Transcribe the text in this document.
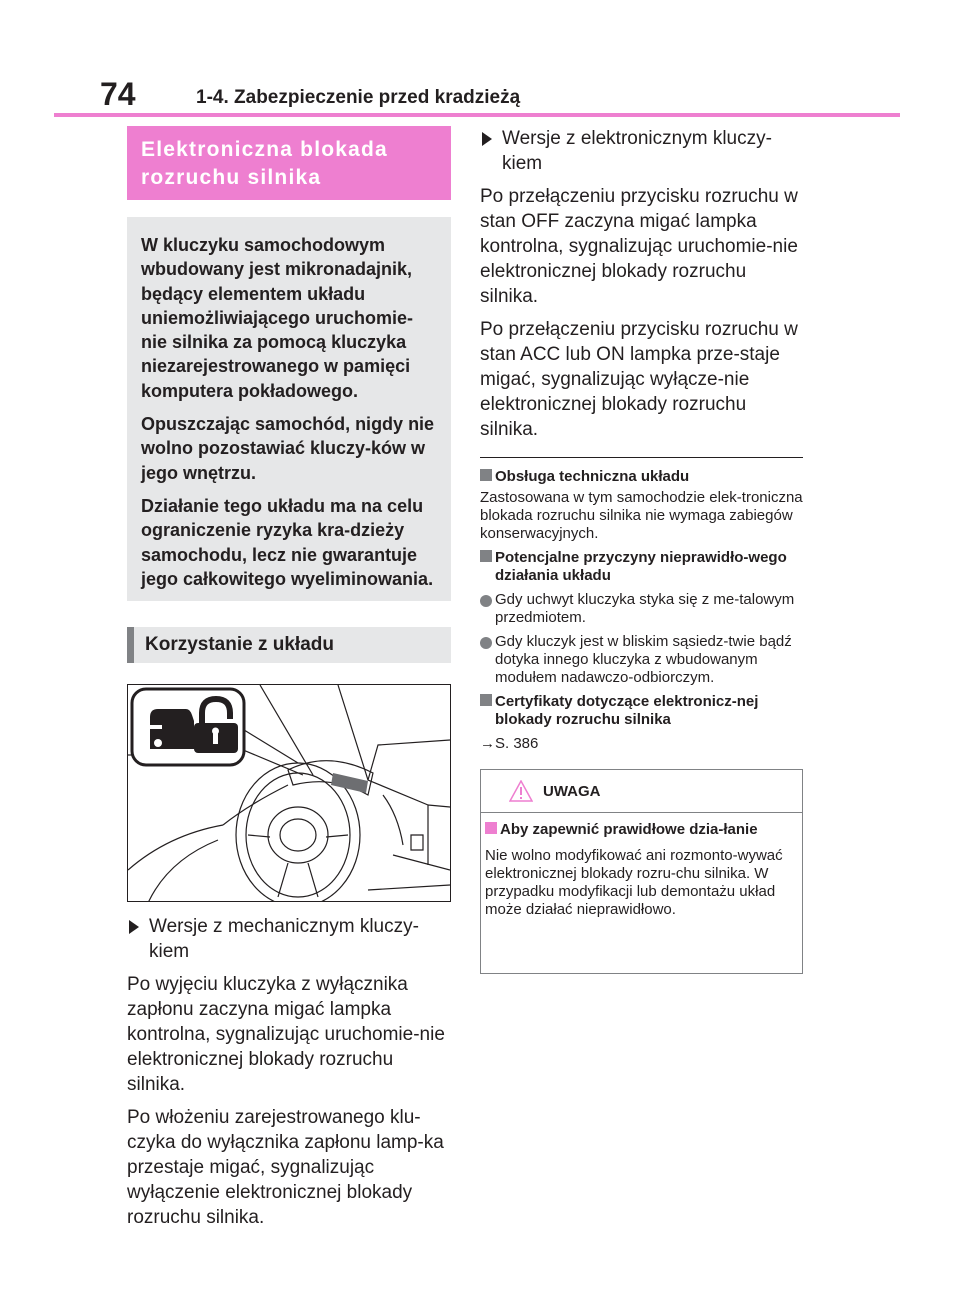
74	1-4. Zabezpieczenie przed kradzieżą
Elektroniczna blokada rozruchu silnika

W kluczyku samochodowym wbudowany jest mikronadajnik, będący elementem układu uniemożliwiającego uruchomie-nie silnika za pomocą kluczyka niezarejestrowanego w pamięci komputera pokładowego.

Opuszczając samochód, nigdy nie wolno pozostawiać kluczy-ków w jego wnętrzu.

Działanie tego układu ma na celu ograniczenie ryzyka kra-dzieży samochodu, lecz nie gwarantuje jego całkowitego wyeliminowania.

Korzystanie z układu
Wersje z mechanicznym kluczy-kiem
Po wyjęciu kluczyka z wyłącznika zapłonu zaczyna migać lampka kontrolna, sygnalizując uruchomie-nie elektronicznej blokady rozruchu silnika.
Po włożeniu zarejestrowanego klu-czyka do wyłącznika zapłonu lamp-ka przestaje migać, sygnalizując wyłączenie elektronicznej blokady rozruchu silnika.
Wersje z elektronicznym kluczy-kiem
Po przełączeniu przycisku rozruchu w stan OFF zaczyna migać lampka kontrolna, sygnalizując uruchomie-nie elektronicznej blokady rozruchu silnika.
Po przełączeniu przycisku rozruchu w stan ACC lub ON lampka prze-staje migać, sygnalizując wyłącze-nie elektronicznej blokady rozruchu silnika.
Obsługa techniczna układu
Zastosowana w tym samochodzie elek-troniczna blokada rozruchu silnika nie wymaga zabiegów konserwacyjnych.
Potencjalne przyczyny nieprawidło-wego działania układu
Gdy uchwyt kluczyka styka się z me-talowym przedmiotem.
Gdy kluczyk jest w bliskim sąsiedz-twie bądź dotyka innego kluczyka z wbudowanym modułem nadawczo-odbiorczym.
Certyfikaty dotyczące elektronicz-nej blokady rozruchu silnika
→S. 386
UWAGA
Aby zapewnić prawidłowe dzia-łanie
Nie wolno modyfikować ani rozmonto-wywać elektronicznej blokady rozru-chu silnika. W przypadku modyfikacji lub demontażu układ może działać nieprawidłowo.
